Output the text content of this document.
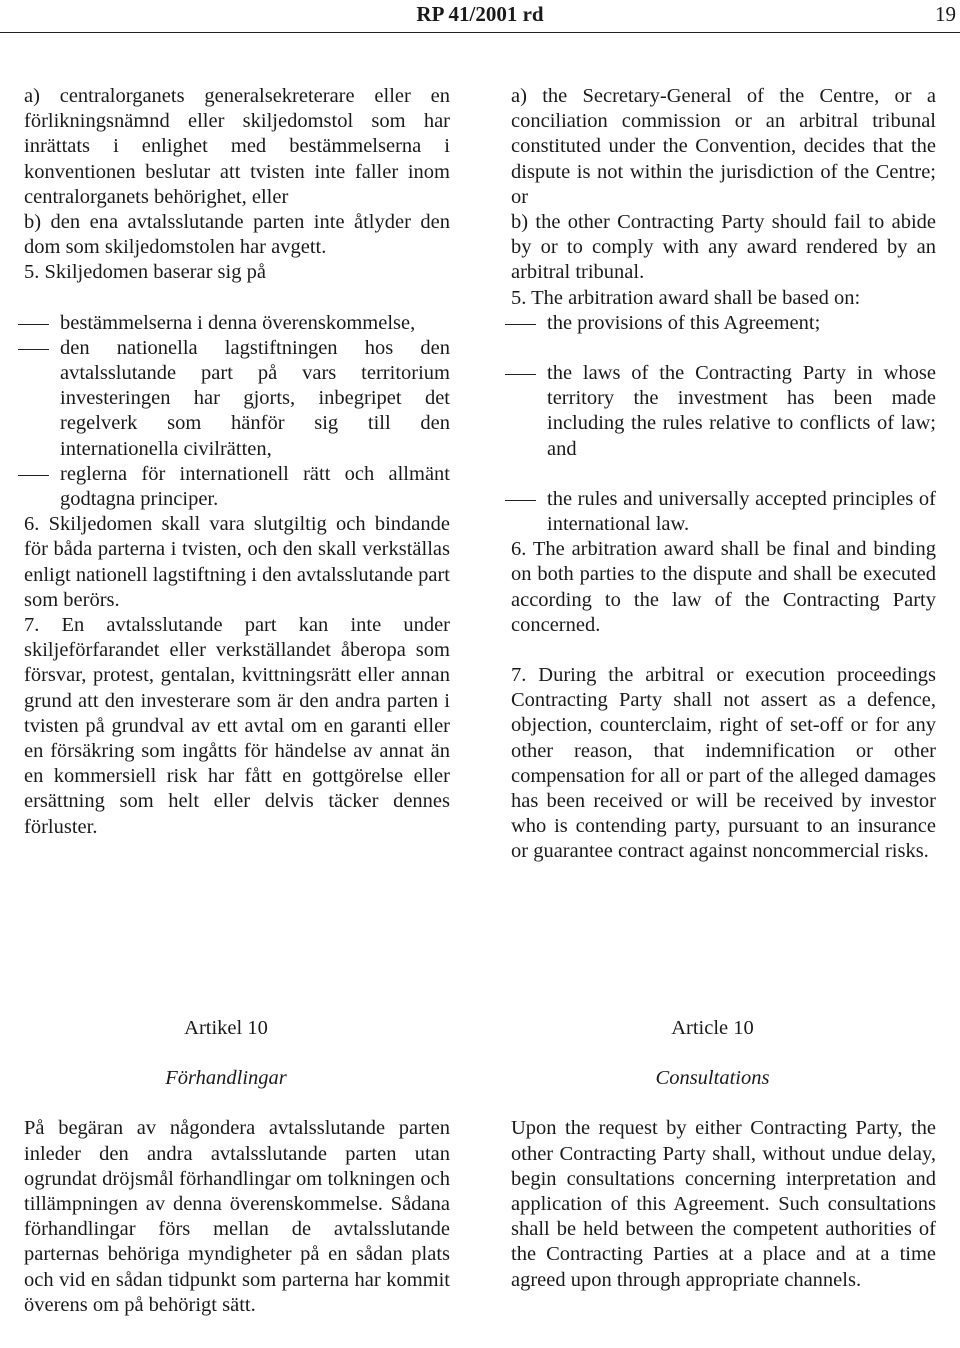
RP 41/2001 rd	19

a) centralorganets generalsekreterare eller en förlikningsnämnd eller skiljedomstol som har inrättats i enlighet med bestämmelserna i konventionen beslutar att tvisten inte faller inom centralorganets behörighet, eller

b) den ena avtalsslutande parten inte åtlyder den dom som skiljedomstolen har avgett.

5. Skiljedomen baserar sig på

bestämmelserna i denna överenskommelse,

den nationella lagstiftningen hos den avtalsslutande part på vars territorium investeringen har gjorts, inbegripet det regelverk som hänför sig till den internationella civilrätten,

reglerna för internationell rätt och allmänt godtagna principer.

6. Skiljedomen skall vara slutgiltig och bindande för båda parterna i tvisten, och den skall verkställas enligt nationell lagstiftning i den avtalsslutande part som berörs.

7. En avtalsslutande part kan inte under skiljeförfarandet eller verkställandet åberopa som försvar, protest, gentalan, kvittningsrätt eller annan grund att den investerare som är den andra parten i tvisten på grundval av ett avtal om en garanti eller en försäkring som ingåtts för händelse av annat än en kommersiell risk har fått en gottgörelse eller ersättning som helt eller delvis täcker dennes förluster.

a) the Secretary-General of the Centre, or a conciliation commission or an arbitral tribunal constituted under the Convention, decides that the dispute is not within the jurisdiction of the Centre; or

b) the other Contracting Party should fail to abide by or to comply with any award rendered by an arbitral tribunal.

5. The arbitration award shall be based on:

the provisions of this Agreement;

the laws of the Contracting Party in whose territory the investment has been made including the rules relative to conflicts of law; and

the rules and universally accepted principles of international law.

6. The arbitration award shall be final and binding on both parties to the dispute and shall be executed according to the law of the Contracting Party concerned.

7. During the arbitral or execution proceedings Contracting Party shall not assert as a defence, objection, counterclaim, right of set-off or for any other reason, that indemnification or other compensation for all or part of the alleged damages has been received or will be received by investor who is contending party, pursuant to an insurance or guarantee contract against noncommercial risks.

Artikel 10

Förhandlingar

På begäran av någondera avtalsslutande parten inleder den andra avtalsslutande parten utan ogrundat dröjsmål förhandlingar om tolkningen och tillämpningen av denna överenskommelse. Sådana förhandlingar förs mellan de avtalsslutande parternas behöriga myndigheter på en sådan plats och vid en sådan tidpunkt som parterna har kommit överens om på behörigt sätt.

Article 10

Consultations

Upon the request by either Contracting Party, the other Contracting Party shall, without undue delay, begin consultations concerning interpretation and application of this Agreement. Such consultations shall be held between the competent authorities of the Contracting Parties at a place and at a time agreed upon through appropriate channels.
